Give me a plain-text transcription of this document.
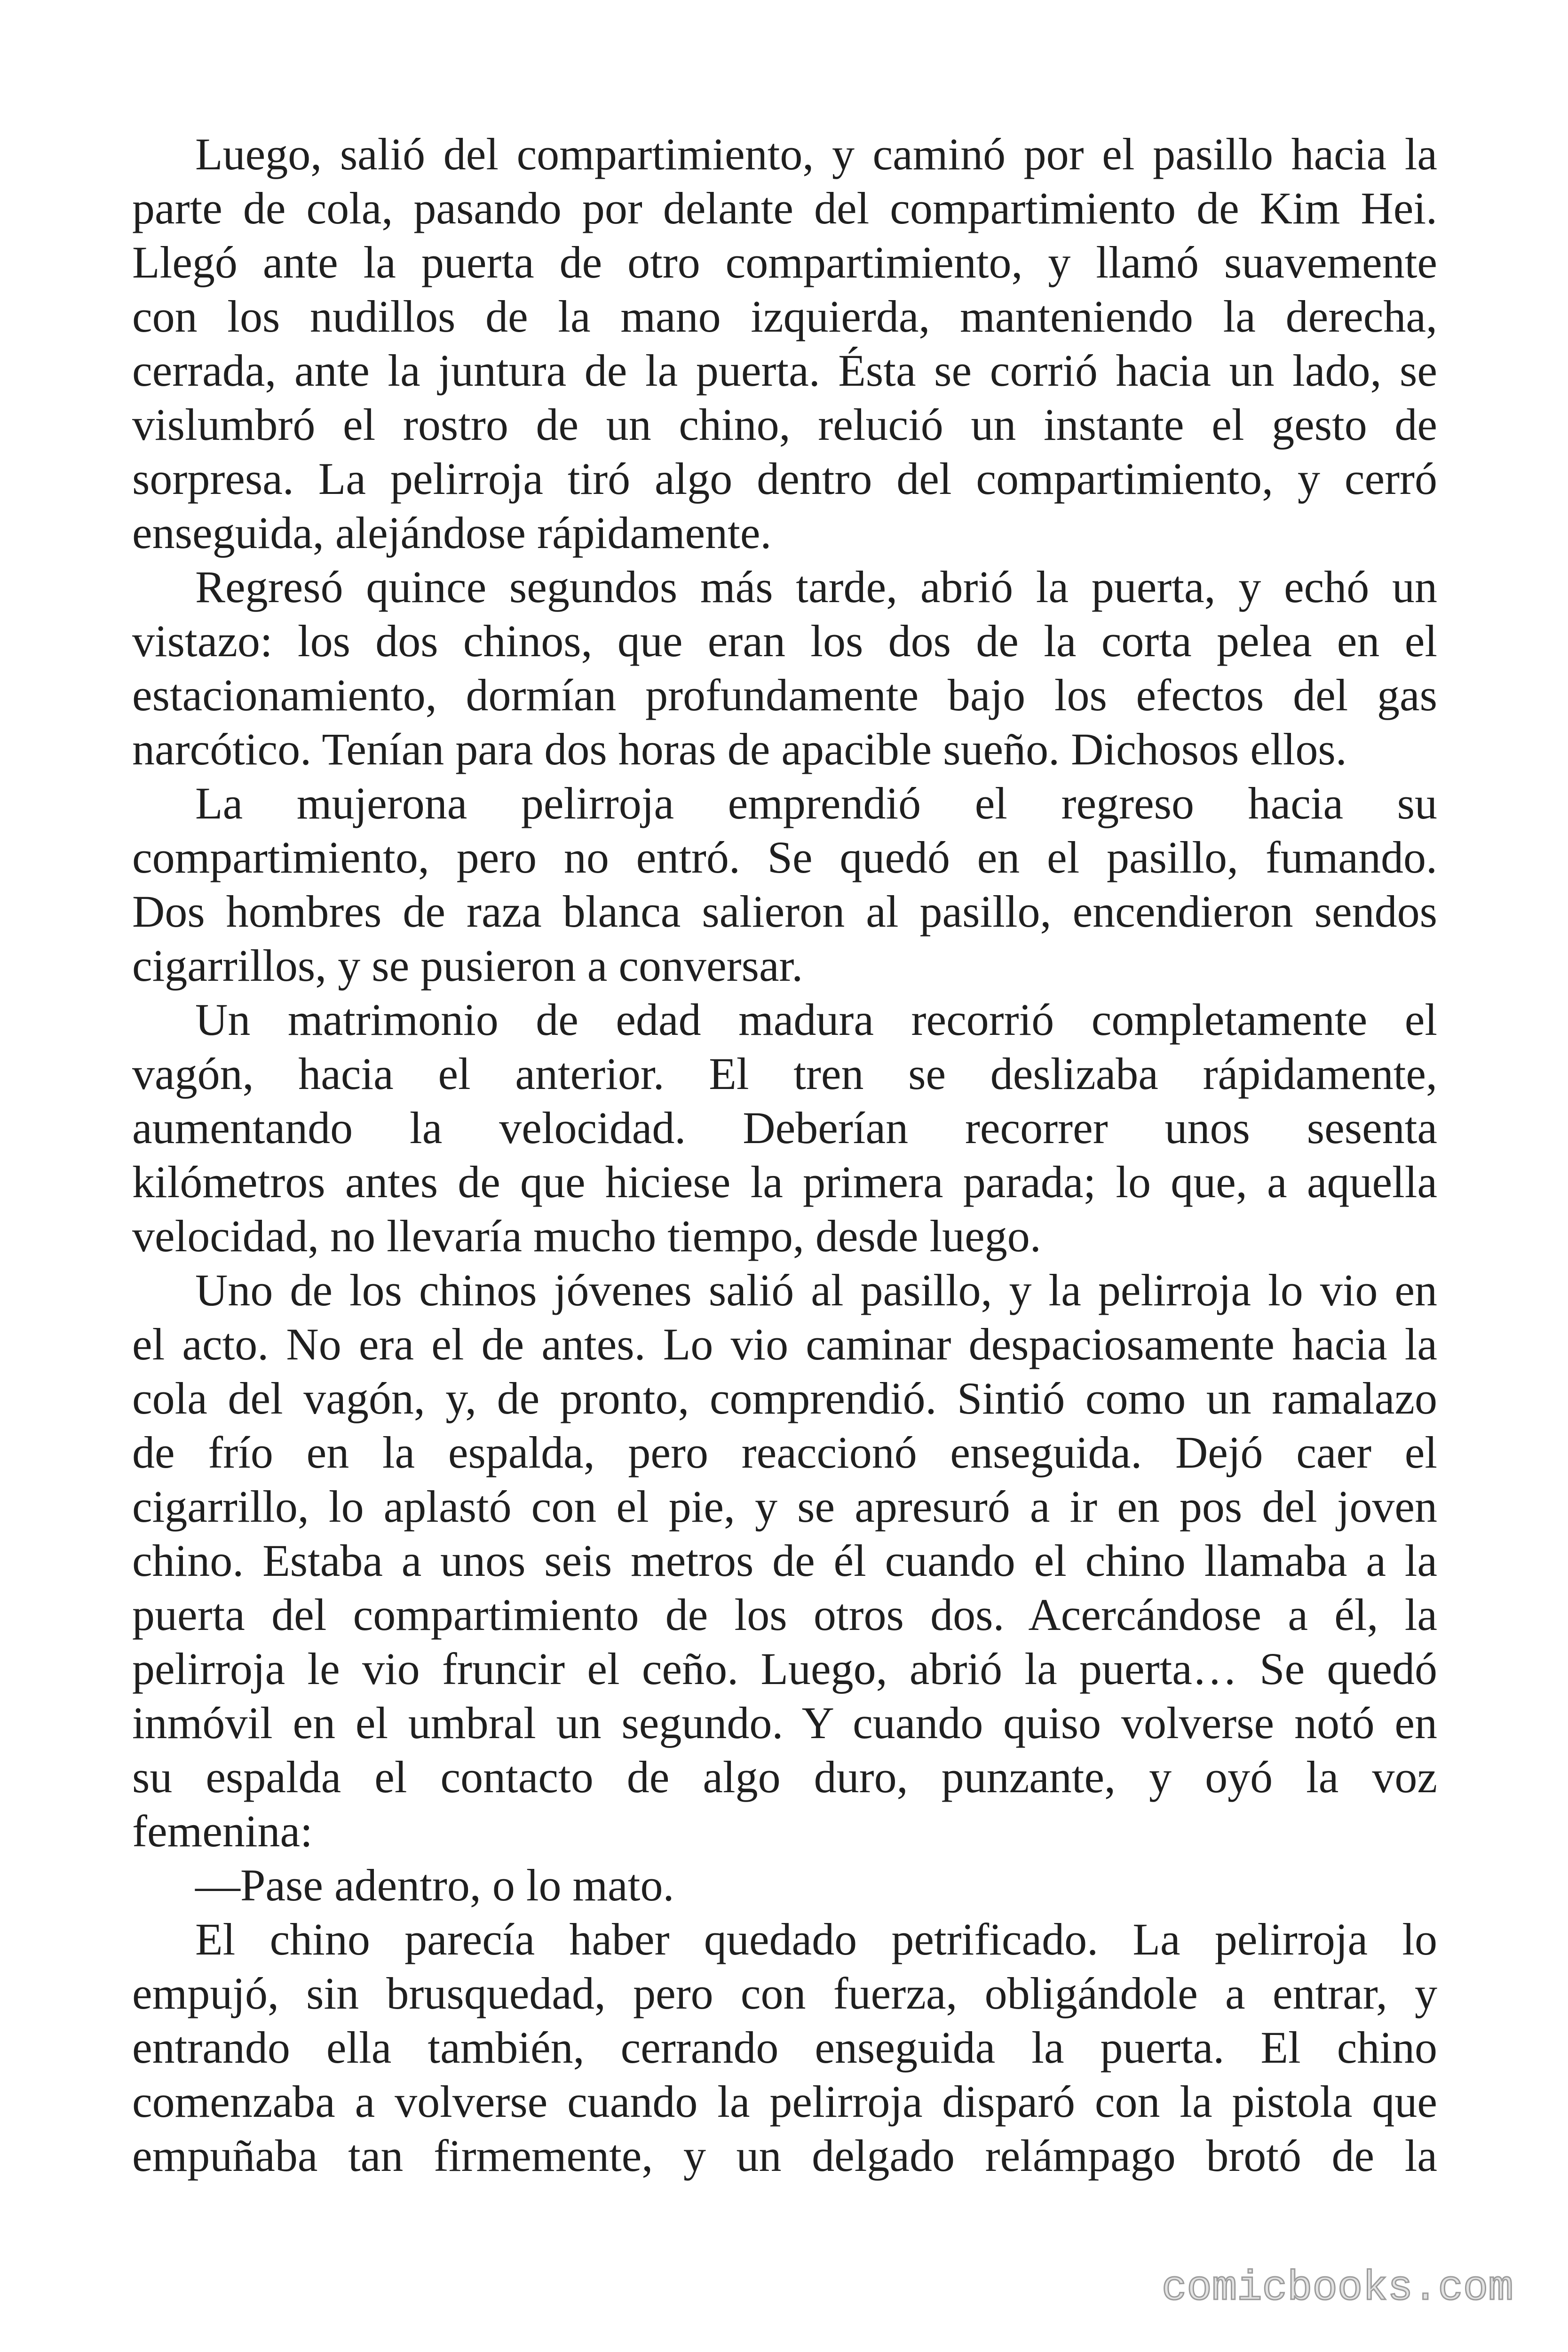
Luego, salió del compartimiento, y caminó por el pasillo hacia la
parte de cola, pasando por delante del compartimiento de Kim Hei.
Llegó ante la puerta de otro compartimiento, y llamó suavemente
con los nudillos de la mano izquierda, manteniendo la derecha,
cerrada, ante la juntura de la puerta. Ésta se corrió hacia un lado, se
vislumbró el rostro de un chino, relució un instante el gesto de
sorpresa. La pelirroja tiró algo dentro del compartimiento, y cerró
enseguida, alejándose rápidamente.
Regresó quince segundos más tarde, abrió la puerta, y echó un
vistazo: los dos chinos, que eran los dos de la corta pelea en el
estacionamiento, dormían profundamente bajo los efectos del gas
narcótico. Tenían para dos horas de apacible sueño. Dichosos ellos.
La mujerona pelirroja emprendió el regreso hacia su
compartimiento, pero no entró. Se quedó en el pasillo, fumando.
Dos hombres de raza blanca salieron al pasillo, encendieron sendos
cigarrillos, y se pusieron a conversar.
Un matrimonio de edad madura recorrió completamente el
vagón, hacia el anterior. El tren se deslizaba rápidamente,
aumentando la velocidad. Deberían recorrer unos sesenta
kilómetros antes de que hiciese la primera parada; lo que, a aquella
velocidad, no llevaría mucho tiempo, desde luego.
Uno de los chinos jóvenes salió al pasillo, y la pelirroja lo vio en
el acto. No era el de antes. Lo vio caminar despaciosamente hacia la
cola del vagón, y, de pronto, comprendió. Sintió como un ramalazo
de frío en la espalda, pero reaccionó enseguida. Dejó caer el
cigarrillo, lo aplastó con el pie, y se apresuró a ir en pos del joven
chino. Estaba a unos seis metros de él cuando el chino llamaba a la
puerta del compartimiento de los otros dos. Acercándose a él, la
pelirroja le vio fruncir el ceño. Luego, abrió la puerta… Se quedó
inmóvil en el umbral un segundo. Y cuando quiso volverse notó en
su espalda el contacto de algo duro, punzante, y oyó la voz
femenina:
—Pase adentro, o lo mato.
El chino parecía haber quedado petrificado. La pelirroja lo
empujó, sin brusquedad, pero con fuerza, obligándole a entrar, y
entrando ella también, cerrando enseguida la puerta. El chino
comenzaba a volverse cuando la pelirroja disparó con la pistola que
empuñaba tan firmemente, y un delgado relámpago brotó de la
comicbooks.com
